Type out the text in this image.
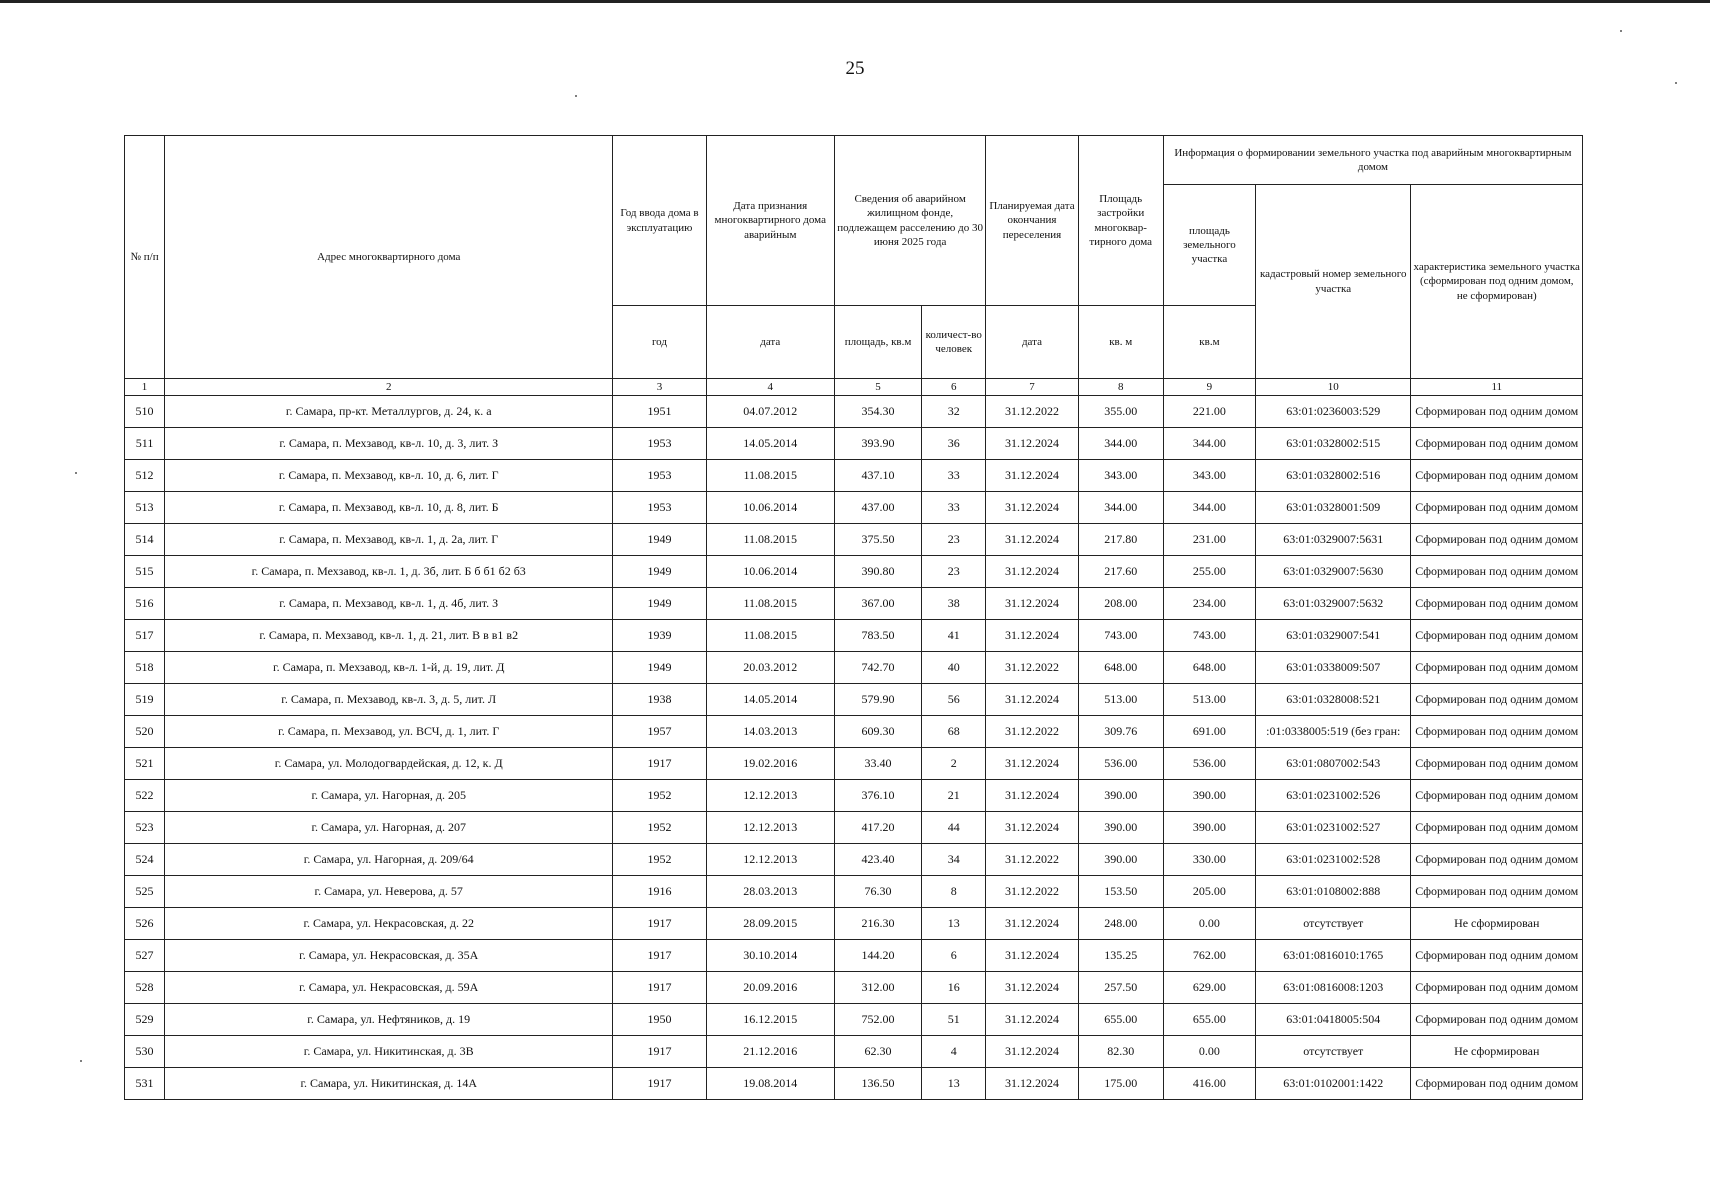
25
№ п/п	Адрес многоквартирного дома	Год ввода дома в эксплуатацию	Дата признания многоквартирного дома аварийным	Сведения об аварийном жилищном фонде, подлежащем расселению до 30 июня 2025 года		Планируемая дата окончания переселения	Площадь застройки многоквар-тирного дома	Информация о формировании земельного участка под аварийным многоквартирным домом		
								площадь земельного участка	кадастровый номер земельного участка	характеристика земельного участка (сформирован под одним домом, не сформирован)
		год	дата	площадь, кв.м	количест-во человек	дата	кв. м	кв.м		
1	2	3	4	5	6	7	8	9	10	11
510	г. Самара, пр-кт. Металлургов, д. 24, к. а	1951	04.07.2012	354.30	32	31.12.2022	355.00	221.00	63:01:0236003:529	Сформирован под одним домом
511	г. Самара, п. Мехзавод, кв-л. 10, д. 3, лит. З	1953	14.05.2014	393.90	36	31.12.2024	344.00	344.00	63:01:0328002:515	Сформирован под одним домом
512	г. Самара, п. Мехзавод, кв-л. 10, д. 6, лит. Г	1953	11.08.2015	437.10	33	31.12.2024	343.00	343.00	63:01:0328002:516	Сформирован под одним домом
513	г. Самара, п. Мехзавод, кв-л. 10, д. 8, лит. Б	1953	10.06.2014	437.00	33	31.12.2024	344.00	344.00	63:01:0328001:509	Сформирован под одним домом
514	г. Самара, п. Мехзавод, кв-л. 1, д. 2а, лит. Г	1949	11.08.2015	375.50	23	31.12.2024	217.80	231.00	63:01:0329007:5631	Сформирован под одним домом
515	г. Самара, п. Мехзавод, кв-л. 1, д. 3б, лит. Б б б1 б2 б3	1949	10.06.2014	390.80	23	31.12.2024	217.60	255.00	63:01:0329007:5630	Сформирован под одним домом
516	г. Самара, п. Мехзавод, кв-л. 1, д. 4б, лит. З	1949	11.08.2015	367.00	38	31.12.2024	208.00	234.00	63:01:0329007:5632	Сформирован под одним домом
517	г. Самара, п. Мехзавод, кв-л. 1, д. 21, лит. В в в1 в2	1939	11.08.2015	783.50	41	31.12.2024	743.00	743.00	63:01:0329007:541	Сформирован под одним домом
518	г. Самара, п. Мехзавод, кв-л. 1-й, д. 19, лит. Д	1949	20.03.2012	742.70	40	31.12.2022	648.00	648.00	63:01:0338009:507	Сформирован под одним домом
519	г. Самара, п. Мехзавод, кв-л. 3, д. 5, лит. Л	1938	14.05.2014	579.90	56	31.12.2024	513.00	513.00	63:01:0328008:521	Сформирован под одним домом
520	г. Самара, п. Мехзавод, ул. ВСЧ, д. 1, лит. Г	1957	14.03.2013	609.30	68	31.12.2022	309.76	691.00	:01:0338005:519 (без гран:	Сформирован под одним домом
521	г. Самара, ул. Молодогвардейская, д. 12, к. Д	1917	19.02.2016	33.40	2	31.12.2024	536.00	536.00	63:01:0807002:543	Сформирован под одним домом
522	г. Самара, ул. Нагорная, д. 205	1952	12.12.2013	376.10	21	31.12.2024	390.00	390.00	63:01:0231002:526	Сформирован под одним домом
523	г. Самара, ул. Нагорная, д. 207	1952	12.12.2013	417.20	44	31.12.2024	390.00	390.00	63:01:0231002:527	Сформирован под одним домом
524	г. Самара, ул. Нагорная, д. 209/64	1952	12.12.2013	423.40	34	31.12.2022	390.00	330.00	63:01:0231002:528	Сформирован под одним домом
525	г. Самара, ул. Неверова, д. 57	1916	28.03.2013	76.30	8	31.12.2022	153.50	205.00	63:01:0108002:888	Сформирован под одним домом
526	г. Самара, ул. Некрасовская, д. 22	1917	28.09.2015	216.30	13	31.12.2024	248.00	0.00	отсутствует	Не сформирован
527	г. Самара, ул. Некрасовская, д. 35А	1917	30.10.2014	144.20	6	31.12.2024	135.25	762.00	63:01:0816010:1765	Сформирован под одним домом
528	г. Самара, ул. Некрасовская, д. 59А	1917	20.09.2016	312.00	16	31.12.2024	257.50	629.00	63:01:0816008:1203	Сформирован под одним домом
529	г. Самара, ул. Нефтяников, д. 19	1950	16.12.2015	752.00	51	31.12.2024	655.00	655.00	63:01:0418005:504	Сформирован под одним домом
530	г. Самара, ул. Никитинская, д. 3В	1917	21.12.2016	62.30	4	31.12.2024	82.30	0.00	отсутствует	Не сформирован
531	г. Самара, ул. Никитинская, д. 14А	1917	19.08.2014	136.50	13	31.12.2024	175.00	416.00	63:01:0102001:1422	Сформирован под одним домом
